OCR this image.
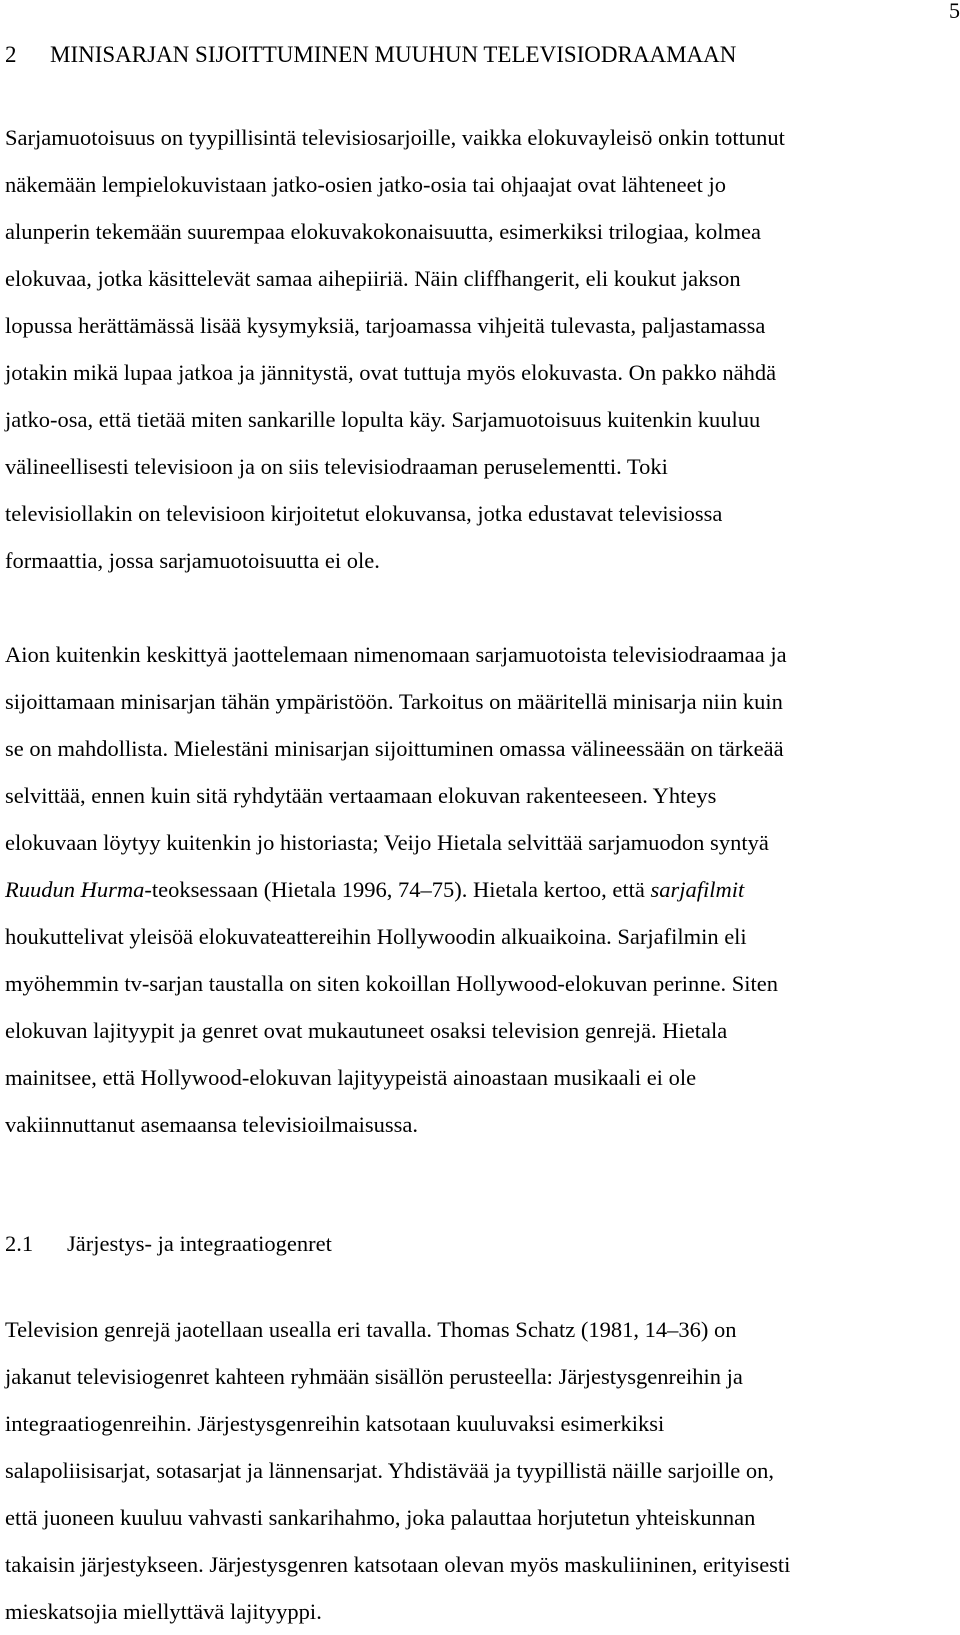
5
2 MINISARJAN SIJOITTUMINEN MUUHUN TELEVISIODRAAMAAN

Sarjamuotoisuus on tyypillisintä televisiosarjoille, vaikka elokuvayleisö onkin tottunut
näkemään lempielokuvistaan jatko-osien jatko-osia tai ohjaajat ovat lähteneet jo
alunperin tekemään suurempaa elokuvakokonaisuutta, esimerkiksi trilogiaa, kolmea
elokuvaa, jotka käsittelevät samaa aihepiiriä. Näin cliffhangerit, eli koukut jakson
lopussa herättämässä lisää kysymyksiä, tarjoamassa vihjeitä tulevasta, paljastamassa
jotakin mikä lupaa jatkoa ja jännitystä, ovat tuttuja myös elokuvasta. On pakko nähdä
jatko-osa, että tietää miten sankarille lopulta käy. Sarjamuotoisuus kuitenkin kuuluu
välineellisesti televisioon ja on siis televisiodraaman peruselementti. Toki
televisiollakin on televisioon kirjoitetut elokuvansa, jotka edustavat televisiossa
formaattia, jossa sarjamuotoisuutta ei ole.

Aion kuitenkin keskittyä jaottelemaan nimenomaan sarjamuotoista televisiodraamaa ja
sijoittamaan minisarjan tähän ympäristöön. Tarkoitus on määritellä minisarja niin kuin
se on mahdollista. Mielestäni minisarjan sijoittuminen omassa välineessään on tärkeää
selvittää, ennen kuin sitä ryhdytään vertaamaan elokuvan rakenteeseen. Yhteys
elokuvaan löytyy kuitenkin jo historiasta; Veijo Hietala selvittää sarjamuodon syntyä
Ruudun Hurma-teoksessaan (Hietala 1996, 74–75). Hietala kertoo, että sarjafilmit
houkuttelivat yleisöä elokuvateattereihin Hollywoodin alkuaikoina. Sarjafilmin eli
myöhemmin tv-sarjan taustalla on siten kokoillan Hollywood-elokuvan perinne. Siten
elokuvan lajityypit ja genret ovat mukautuneet osaksi television genrejä. Hietala
mainitsee, että Hollywood-elokuvan lajityypeistä ainoastaan musikaali ei ole
vakiinnuttanut asemaansa televisioilmaisussa.

2.1 Järjestys- ja integraatiogenret

Television genrejä jaotellaan usealla eri tavalla. Thomas Schatz (1981, 14–36) on
jakanut televisiogenret kahteen ryhmään sisällön perusteella: Järjestysgenreihin ja
integraatiogenreihin. Järjestysgenreihin katsotaan kuuluvaksi esimerkiksi
salapoliisisarjat, sotasarjat ja lännensarjat. Yhdistävää ja tyypillistä näille sarjoille on,
että juoneen kuuluu vahvasti sankarihahmo, joka palauttaa horjutetun yhteiskunnan
takaisin järjestykseen. Järjestysgenren katsotaan olevan myös maskuliininen, erityisesti
mieskatsojia miellyttävä lajityyppi.
